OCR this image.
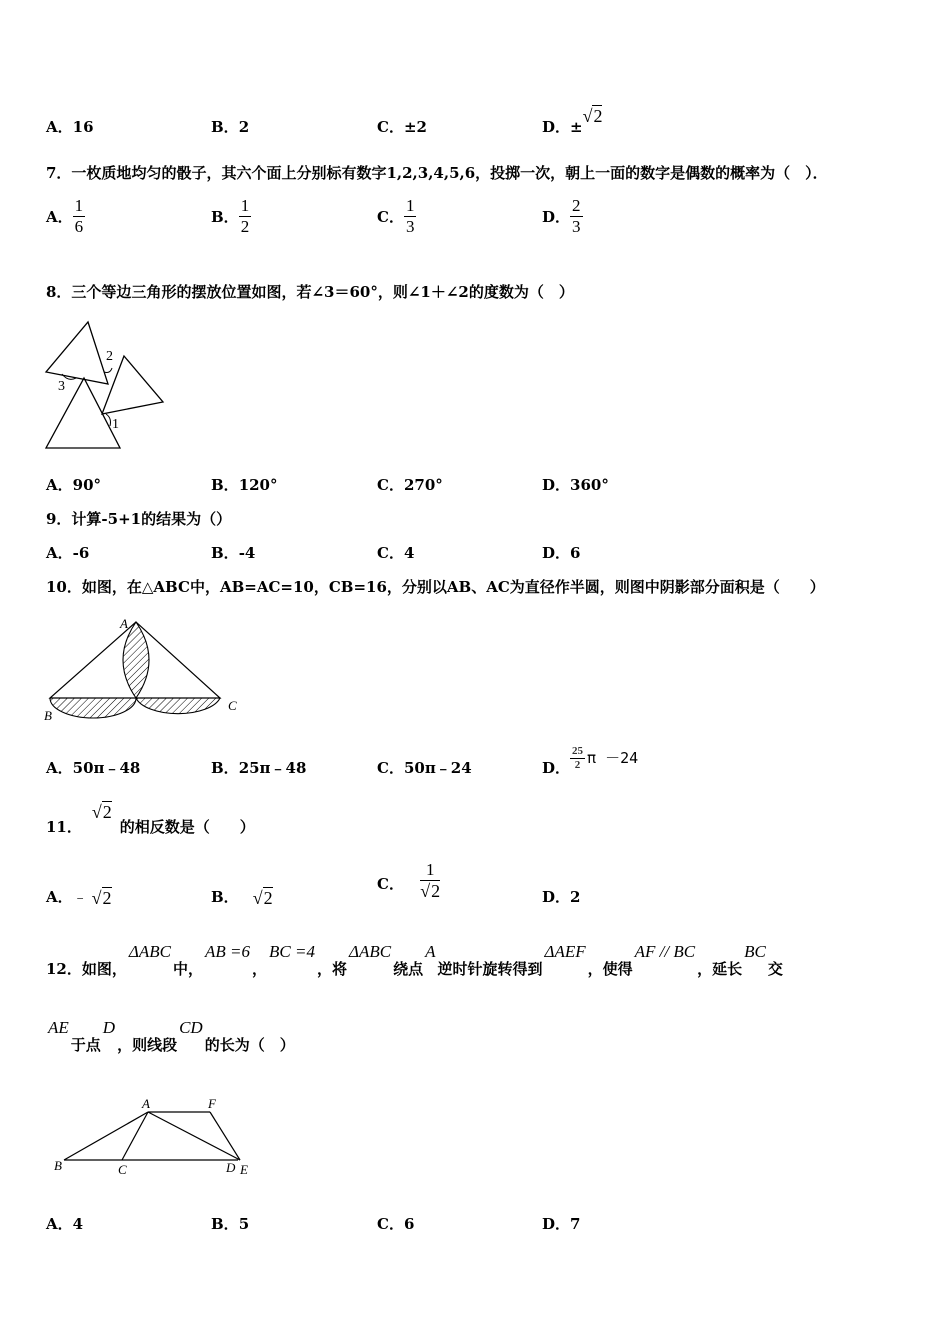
A．16	B．2	C．±2	D．±√2
7．一枚质地均匀的骰子，其六个面上分别标有数字1,2,3,4,5,6，投掷一次，朝上一面的数字是偶数的概率为（　）．
A． $\frac{1}{6}$	B． $\frac{1}{2}$	C． $\frac{1}{3}$	D． $\frac{2}{3}$
8．三个等边三角形的摆放位置如图，若∠3＝60°，则∠1＋∠2的度数为（　）
1
2
3
A．90°	B．120°	C．270°	D．360°
9．计算-5+1的结果为（）
A．-6	B．-4	C．4	D．6
10．如图，在△ABC中，AB=AC=10，CB=16，分别以AB、AC为直径作半圆，则图中阴影部分面积是（　　）
A
B
C
A．50π﹣48	B．25π﹣48	C．50π﹣24	D． $\frac{25}{2}$ π －24
11．
√2
的相反数是（　　）
A． ﹣ √2	B． √2
C． $\frac{1}{√2}$	D．2
12． 如图，
ΔABC
中，
AB =6
，
BC =4
，将
ΔABC
绕点
A
逆时针旋转得到
ΔAEF
，使得
AF // BC
，延长
BC
交
AE
于点
D
，则线段
CD
的长为（　）
A	F
B	C	D E
A．4	B．5	C．6	D．7
